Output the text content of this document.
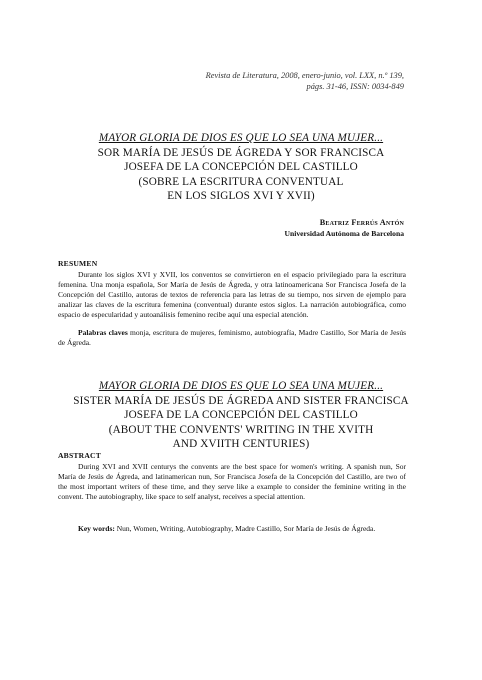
Revista de Literatura, 2008, enero-junio, vol. LXX, n.º 139,
págs. 31-46, ISSN: 0034-849
MAYOR GLORIA DE DIOS ES QUE LO SEA UNA MUJER...
SOR MARÍA DE JESÚS DE ÁGREDA Y SOR FRANCISCA
JOSEFA DE LA CONCEPCIÓN DEL CASTILLO
(SOBRE LA ESCRITURA CONVENTUAL
EN LOS SIGLOS XVI Y XVII)
Beatriz Ferrús Antón
Universidad Autónoma de Barcelona
RESUMEN
Durante los siglos XVI y XVII, los conventos se convirtieron en el espacio privilegiado para la escritura femenina. Una monja española, Sor María de Jesús de Ágreda, y otra latinoamericana Sor Francisca Josefa de la Concepción del Castillo, autoras de textos de referencia para las letras de su tiempo, nos sirven de ejemplo para analizar las claves de la escritura femenina (conventual) durante estos siglos. La narración autobiográfica, como espacio de especularidad y autoanálisis femenino recibe aquí una especial atención.
Palabras claves monja, escritura de mujeres, feminismo, autobiografía, Madre Castillo, Sor María de Jesús de Ágreda.
MAYOR GLORIA DE DIOS ES QUE LO SEA UNA MUJER...
SISTER MARÍA DE JESÚS DE ÁGREDA AND SISTER FRANCISCA
JOSEFA DE LA CONCEPCIÓN DEL CASTILLO
(ABOUT THE CONVENTS' WRITING IN THE XVITH
AND XVIITH CENTURIES)
ABSTRACT
During XVI and XVII centurys the convents are the best space for women's writing. A spanish nun, Sor María de Jesús de Ágreda, and latinamerican nun, Sor Francisca Josefa de la Concepción del Castillo, are two of the most important writers of these time, and they serve like a example to consider the feminine writing in the convent. The autobiography, like space to self analyst, receives a special attention.
Key words: Nun, Women, Writing, Autobiography, Madre Castillo, Sor María de Jesús de Ágreda.
